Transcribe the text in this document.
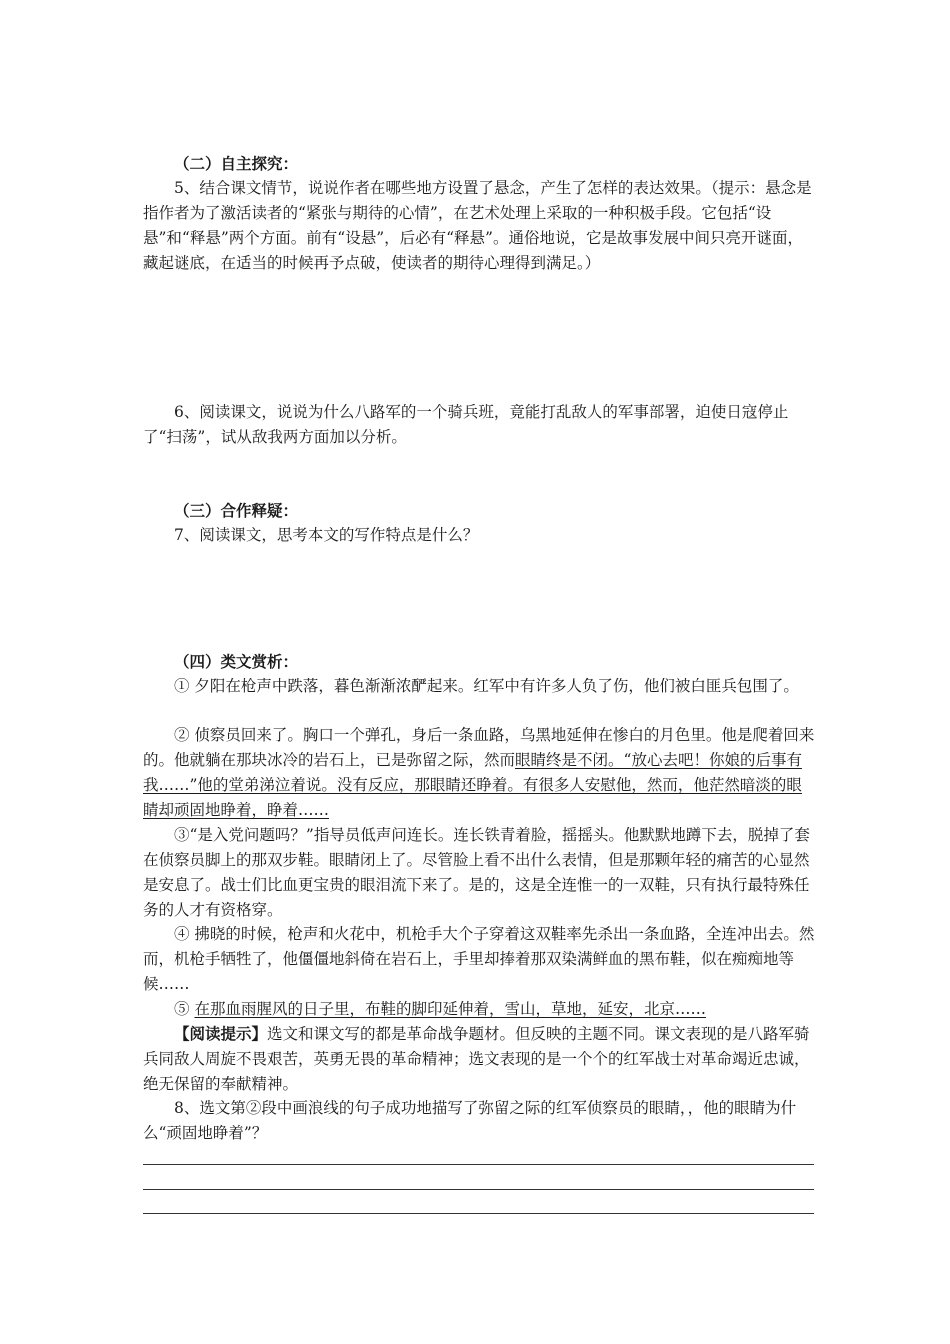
（二）自主探究：
5、结合课文情节，说说作者在哪些地方设置了悬念，产生了怎样的表达效果。（提示：悬念是指作者为了激活读者的“紧张与期待的心情”，在艺术处理上采取的一种积极手段。它包括“设悬”和“释悬”两个方面。前有“设悬”，后必有“释悬”。通俗地说，它是故事发展中间只亮开谜面，藏起谜底，在适当的时候再予点破，使读者的期待心理得到满足。）
6、阅读课文，说说为什么八路军的一个骑兵班，竟能打乱敌人的军事部署，迫使日寇停止了“扫荡”，试从敌我两方面加以分析。
（三）合作释疑：
7、阅读课文，思考本文的写作特点是什么？
（四）类文赏析：
① 夕阳在枪声中跌落，暮色渐渐浓酽起来。红军中有许多人负了伤，他们被白匪兵包围了。
② 侦察员回来了。胸口一个弹孔，身后一条血路，乌黑地延伸在惨白的月色里。他是爬着回来的。他就躺在那块冰冷的岩石上，已是弥留之际，然而眼睛终是不闭。“放心去吧！你娘的后事有我……”他的堂弟涕泣着说。没有反应，那眼睛还睁着。有很多人安慰他，然而，他茫然暗淡的眼睛却顽固地睁着，睁着……
③“是入党问题吗？”指导员低声问连长。连长铁青着脸，摇摇头。他默默地蹲下去，脱掉了套在侦察员脚上的那双步鞋。眼睛闭上了。尽管脸上看不出什么表情，但是那颗年轻的痛苦的心显然是安息了。战士们比血更宝贵的眼泪流下来了。是的，这是全连惟一的一双鞋，只有执行最特殊任务的人才有资格穿。
④ 拂晓的时候，枪声和火花中，机枪手大个子穿着这双鞋率先杀出一条血路，全连冲出去。然而，机枪手牺牲了，他僵僵地斜倚在岩石上，手里却捧着那双染满鲜血的黑布鞋，似在痴痴地等候……
⑤ 在那血雨腥风的日子里，布鞋的脚印延伸着，雪山，草地，延安，北京……
【阅读提示】选文和课文写的都是革命战争题材。但反映的主题不同。课文表现的是八路军骑兵同敌人周旋不畏艰苦，英勇无畏的革命精神；选文表现的是一个个的红军战士对革命竭近忠诚，绝无保留的奉献精神。
8、选文第②段中画浪线的句子成功地描写了弥留之际的红军侦察员的眼睛，，他的眼睛为什么“顽固地睁着”？
